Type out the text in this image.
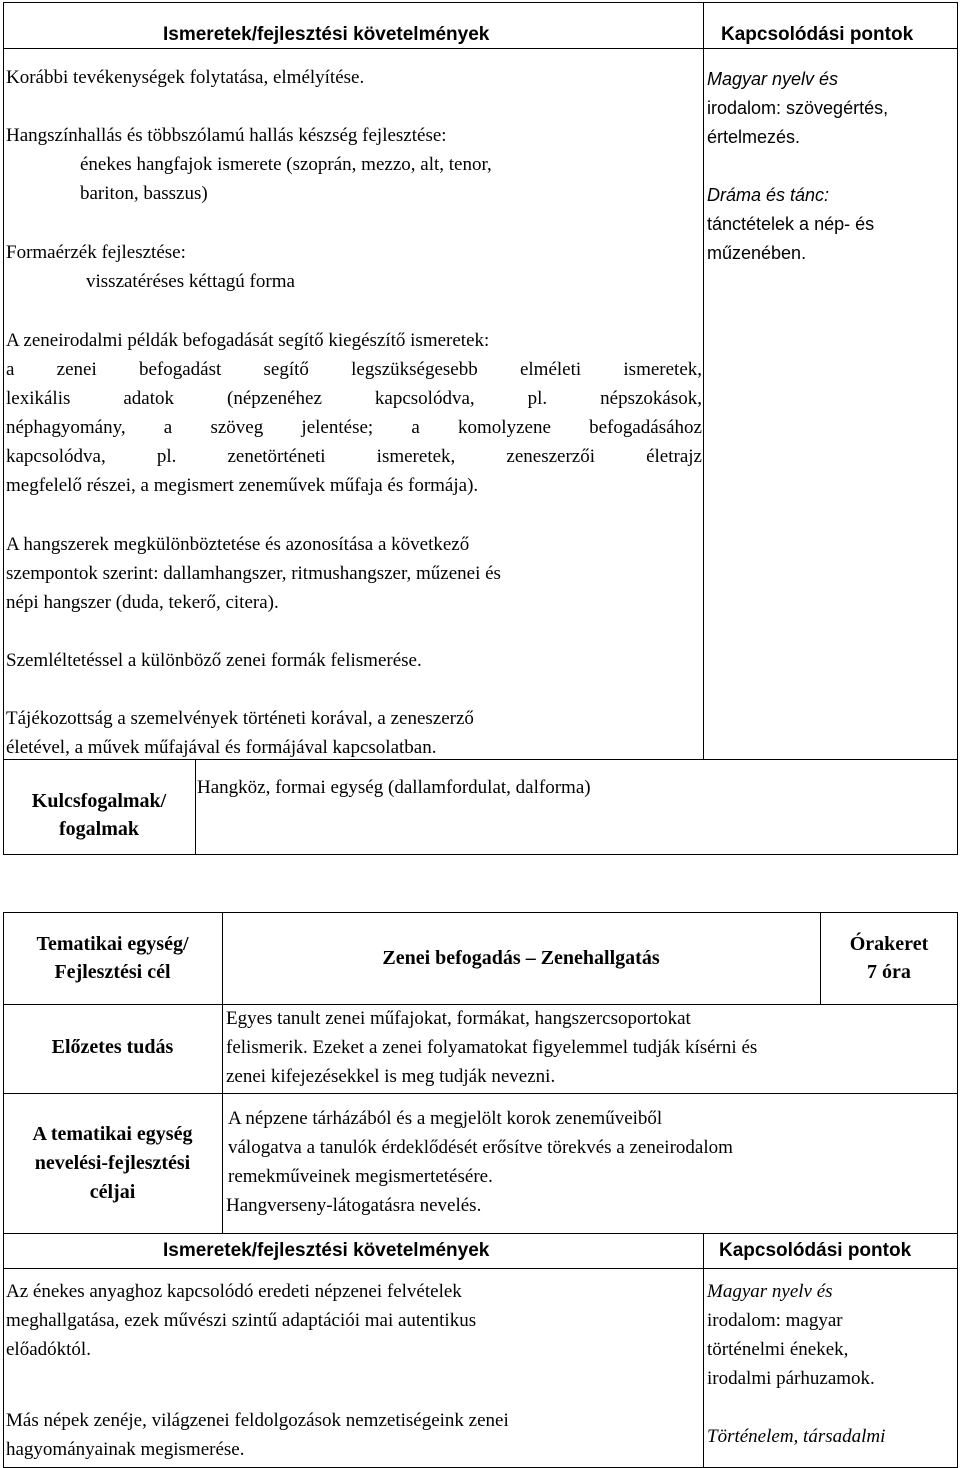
Ismeretek/fejlesztési követelmények	Kapcsolódási pontok
Korábbi tevékenységek folytatása, elmélyítése.
Hangszínhallás és többszólamú hallás készség fejlesztése:
énekes hangfajok ismerete (szoprán, mezzo, alt, tenor,
bariton, basszus)
Formaérzék fejlesztése:
visszatéréses kéttagú forma
A zeneirodalmi példák befogadását segítő kiegészítő ismeretek:
a zenei befogadást segítő legszükségesebb elméleti ismeretek,
lexikális adatok (népzenéhez kapcsolódva, pl. népszokások,
néphagyomány, a szöveg jelentése; a komolyzene befogadásához
kapcsolódva, pl. zenetörténeti ismeretek, zeneszerzői életrajz
megfelelő részei, a megismert zeneművek műfaja és formája).
A hangszerek megkülönböztetése és azonosítása a következő
szempontok szerint: dallamhangszer, ritmushangszer, műzenei és
népi hangszer (duda, tekerő, citera).
Szemléltetéssel a különböző zenei formák felismerése.
Tájékozottság a szemelvények történeti korával, a zeneszerző
életével, a művek műfajával és formájával kapcsolatban.
Magyar nyelv és
irodalom: szövegértés,
értelmezés.
Dráma és tánc:
tánctételek a nép- és
műzenében.
Kulcsfogalmak/
fogalmak
Hangköz, formai egység (dallamfordulat, dalforma)
Tematikai egység/
Fejlesztési cél
Zenei befogadás – Zenehallgatás
Órakeret
7 óra
Előzetes tudás
Egyes tanult zenei műfajokat, formákat, hangszercsoportokat
felismerik. Ezeket a zenei folyamatokat figyelemmel tudják kísérni és
zenei kifejezésekkel is meg tudják nevezni.
A tematikai egység
nevelési-fejlesztési
céljai
A népzene tárházából és a megjelölt korok zeneműveiből
válogatva a tanulók érdeklődését erősítve törekvés a zeneirodalom
remekműveinek megismertetésére.
Hangverseny-látogatásra nevelés.
Ismeretek/fejlesztési követelmények	Kapcsolódási pontok
Az énekes anyaghoz kapcsolódó eredeti népzenei felvételek
meghallgatása, ezek művészi szintű adaptációi mai autentikus
előadóktól.
Más népek zenéje, világzenei feldolgozások nemzetiségeink zenei
hagyományainak megismerése.
Magyar nyelv és
irodalom: magyar
történelmi énekek,
irodalmi párhuzamok.
Történelem, társadalmi
